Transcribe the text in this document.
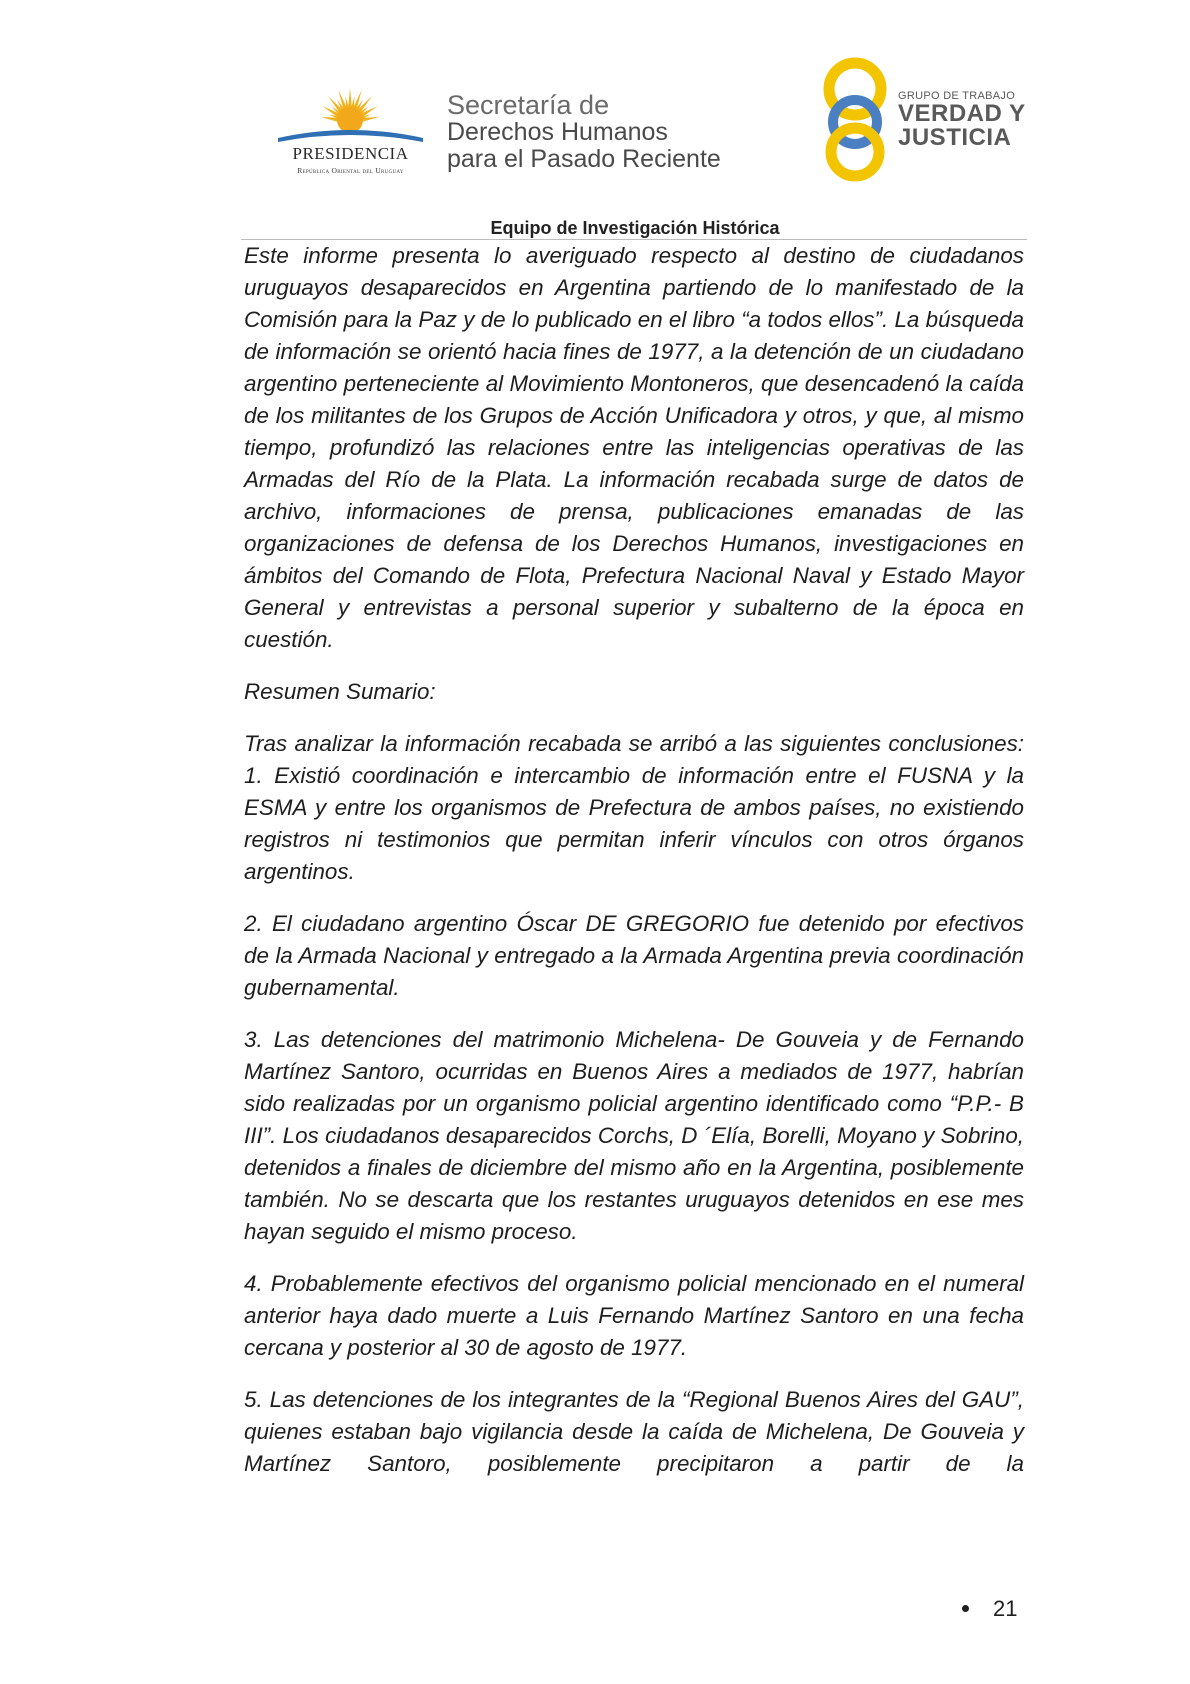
PRESIDENCIA
República Oriental del Uruguay
Secretaría de
Derechos Humanos
para el Pasado Reciente
GRUPO DE TRABAJO
VERDAD Y
JUSTICIA
Equipo de Investigación Histórica

Este informe presenta lo averiguado respecto al destino de ciudadanos uruguayos desaparecidos en Argentina partiendo de lo manifestado de la Comisión para la Paz y de lo publicado en el libro “a todos ellos”. La búsqueda de información se orientó hacia fines de 1977, a la detención de un ciudadano argentino perteneciente al Movimiento Montoneros, que desencadenó la caída de los militantes de los Grupos de Acción Unificadora y otros, y que, al mismo tiempo, profundizó las relaciones entre las inteligencias operativas de las Armadas del Río de la Plata. La información recabada surge de datos de archivo, informaciones de prensa, publicaciones emanadas de las organizaciones de defensa de los Derechos Humanos, investigaciones en ámbitos del Comando de Flota, Prefectura Nacional Naval y Estado Mayor General y entrevistas a personal superior y subalterno de la época en cuestión.

Resumen Sumario:

Tras analizar la información recabada se arribó a las siguientes conclusiones: 1. Existió coordinación e intercambio de información entre el FUSNA y la ESMA y entre los organismos de Prefectura de ambos países, no existiendo registros ni testimonios que permitan inferir vínculos con otros órganos argentinos.

2. El ciudadano argentino Óscar DE GREGORIO fue detenido por efectivos de la Armada Nacional y entregado a la Armada Argentina previa coordinación gubernamental.

3. Las detenciones del matrimonio Michelena- De Gouveia y de Fernando Martínez Santoro, ocurridas en Buenos Aires a mediados de 1977, habrían sido realizadas por un organismo policial argentino identificado como “P.P.- B III”. Los ciudadanos desaparecidos Corchs, D ´Elía, Borelli, Moyano y Sobrino, detenidos a finales de diciembre del mismo año en la Argentina, posiblemente también. No se descarta que los restantes uruguayos detenidos en ese mes hayan seguido el mismo proceso.

4. Probablemente efectivos del organismo policial mencionado en el numeral anterior haya dado muerte a Luis Fernando Martínez Santoro en una fecha cercana y posterior al 30 de agosto de 1977.

5. Las detenciones de los integrantes de la “Regional Buenos Aires del GAU”, quienes estaban bajo vigilancia desde la caída de Michelena, De Gouveia y Martínez Santoro, posiblemente precipitaron a partir de la

21
